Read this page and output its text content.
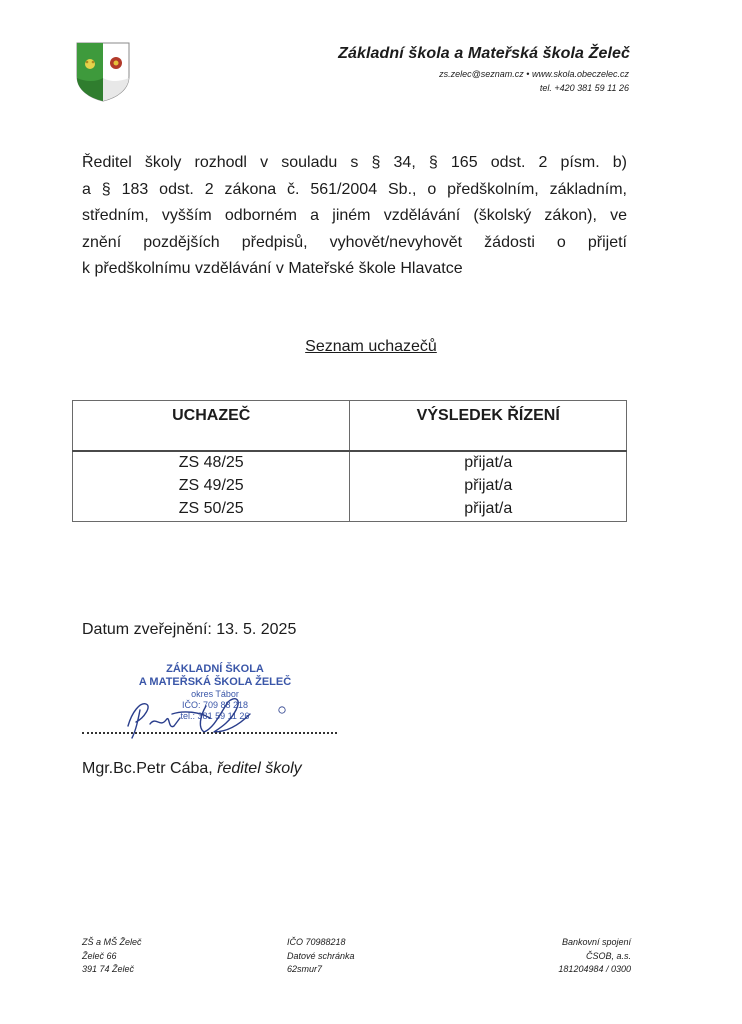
Základní škola a Mateřská škola Želeč
zs.zelec@seznam.cz • www.skola.obeczelec.cz
tel. +420 381 59 11 26
Ředitel školy rozhodl v souladu s § 34, § 165 odst. 2 písm. b)
a § 183 odst. 2 zákona č. 561/2004 Sb., o předškolním, základním,
středním, vyšším odborném a jiném vzdělávání (školský zákon), ve
znění pozdějších předpisů, vyhovět/nevyhovět žádosti o přijetí
k předškolnímu vzdělávání v Mateřské škole Hlavatce
Seznam uchazečů
UCHAZEČ	VÝSLEDEK ŘÍZENÍ
ZS 48/25	přijat/a
ZS 49/25	přijat/a
ZS 50/25	přijat/a
Datum zveřejnění: 13. 5. 2025
ZÁKLADNÍ ŠKOLA
A MATEŘSKÁ ŠKOLA ŽELEČ
okres Tábor
IČO: 709 88 218
tel.: 381 59 11 26
Mgr.Bc.Petr Cába, ředitel školy
ZŠ a MŠ Želeč
Želeč 66
391 74 Želeč
IČO 70988218
Datové schránka
62smur7
Bankovní spojení
ČSOB, a.s.
181204984 / 0300
